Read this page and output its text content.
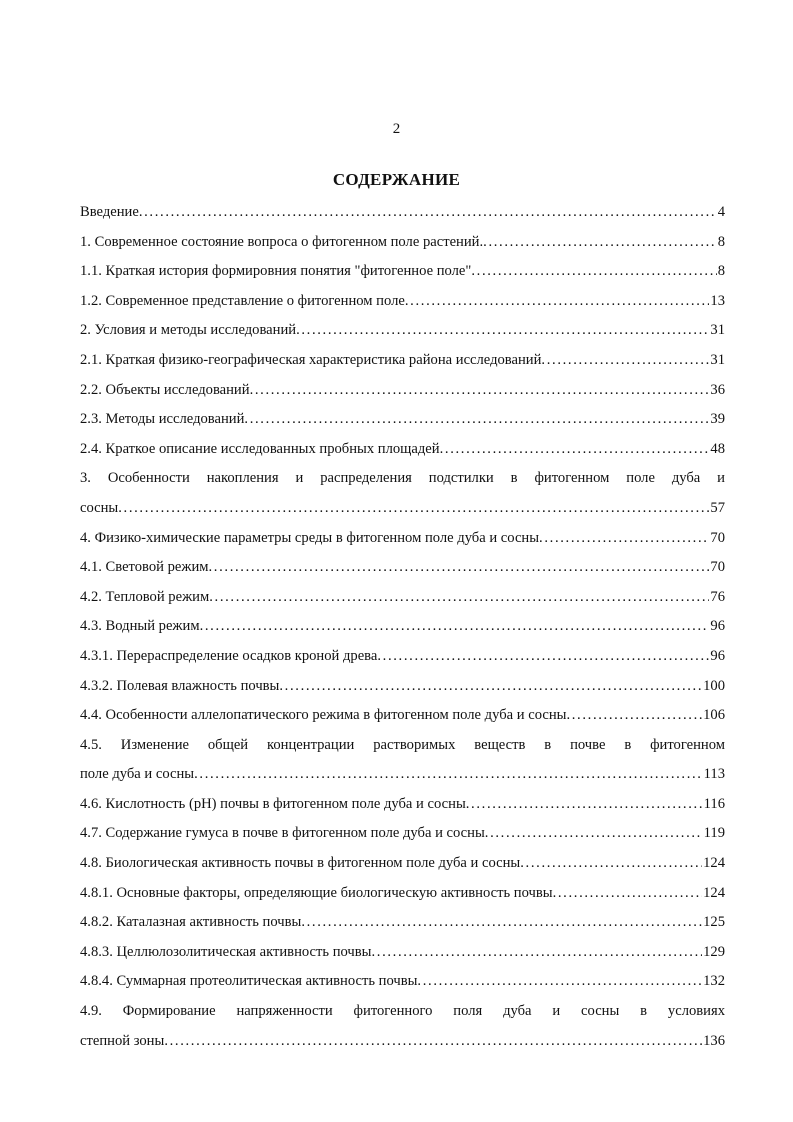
2
СОДЕРЖАНИЕ
Введение . . .	4
1. Современное состояние вопроса о фитогенном поле растений. . . .	8
1.1. Краткая история формировния понятия "фитогенное поле" . . .	8
1.2. Современное представление о фитогенном поле . . .	13
2. Условия и методы исследований . . .	31
2.1. Краткая физико-географическая характеристика района исследований . . .	31
2.2. Объекты исследований . . .	36
2.3. Методы исследований . . .	39
2.4. Краткое описание исследованных пробных площадей . . .	48
3. Особенности накопления и распределения подстилки в фитогенном поле дуба и
сосны . . .	57
4. Физико-химические параметры среды в фитогенном поле дуба и сосны . . .	70
4.1. Световой режим . . .	70
4.2. Тепловой режим . . .	76
4.3. Водный режим . . .	96
4.3.1. Перераспределение осадков кроной древа . . .	96
4.3.2. Полевая влажность почвы . . .	100
4.4. Особенности аллелопатического режима в фитогенном поле дуба и сосны . . .	106
4.5. Изменение общей концентрации растворимых веществ в почве в фитогенном
поле дуба и сосны . . .	113
4.6. Кислотность (pH) почвы в фитогенном поле дуба и сосны . . .	116
4.7. Содержание гумуса в почве в фитогенном поле дуба и сосны . . .	119
4.8. Биологическая активность почвы в фитогенном поле дуба и сосны . . .	124
4.8.1. Основные факторы, определяющие биологическую активность почвы . . .	124
4.8.2. Каталазная активность почвы . . .	125
4.8.3. Целлюлозолитическая активность почвы . . .	129
4.8.4. Суммарная протеолитическая активность почвы . . .	132
4.9. Формирование напряженности фитогенного поля дуба и сосны в условиях
степной зоны . . .	136
